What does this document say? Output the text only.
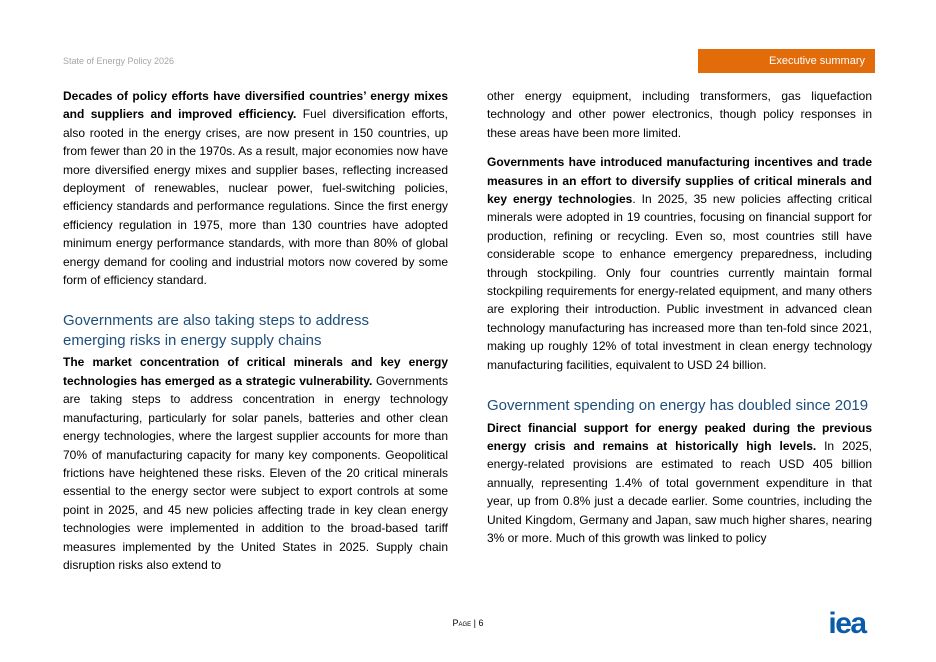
State of Energy Policy 2026	Executive summary

Decades of policy efforts have diversified countries’ energy mixes and suppliers and improved efficiency. Fuel diversification efforts, also rooted in the energy crises, are now present in 150 countries, up from fewer than 20 in the 1970s. As a result, major economies now have more diversified energy mixes and supplier bases, reflecting increased deployment of renewables, nuclear power, fuel-switching policies, efficiency standards and performance regulations. Since the first energy efficiency regulation in 1975, more than 130 countries have adopted minimum energy performance standards, with more than 80% of global energy demand for cooling and industrial motors now covered by some form of efficiency standard.

Governments are also taking steps to address emerging risks in energy supply chains

The market concentration of critical minerals and key energy technologies has emerged as a strategic vulnerability. Governments are taking steps to address concentration in energy technology manufacturing, particularly for solar panels, batteries and other clean energy technologies, where the largest supplier accounts for more than 70% of manufacturing capacity for many key components. Geopolitical frictions have heightened these risks. Eleven of the 20 critical minerals essential to the energy sector were subject to export controls at some point in 2025, and 45 new policies affecting trade in key clean energy technologies were implemented in addition to the broad-based tariff measures implemented by the United States in 2025. Supply chain disruption risks also extend to

other energy equipment, including transformers, gas liquefaction technology and other power electronics, though policy responses in these areas have been more limited.

Governments have introduced manufacturing incentives and trade measures in an effort to diversify supplies of critical minerals and key energy technologies. In 2025, 35 new policies affecting critical minerals were adopted in 19 countries, focusing on financial support for production, refining or recycling. Even so, most countries still have considerable scope to enhance emergency preparedness, including through stockpiling. Only four countries currently maintain formal stockpiling requirements for energy-related equipment, and many others are exploring their introduction. Public investment in advanced clean technology manufacturing has increased more than ten-fold since 2021, making up roughly 12% of total investment in clean energy technology manufacturing facilities, equivalent to USD 24 billion.

Government spending on energy has doubled since 2019

Direct financial support for energy peaked during the previous energy crisis and remains at historically high levels. In 2025, energy-related provisions are estimated to reach USD 405 billion annually, representing 1.4% of total government expenditure in that year, up from 0.8% just a decade earlier. Some countries, including the United Kingdom, Germany and Japan, saw much higher shares, nearing 3% or more. Much of this growth was linked to policy

Page | 6	iea
